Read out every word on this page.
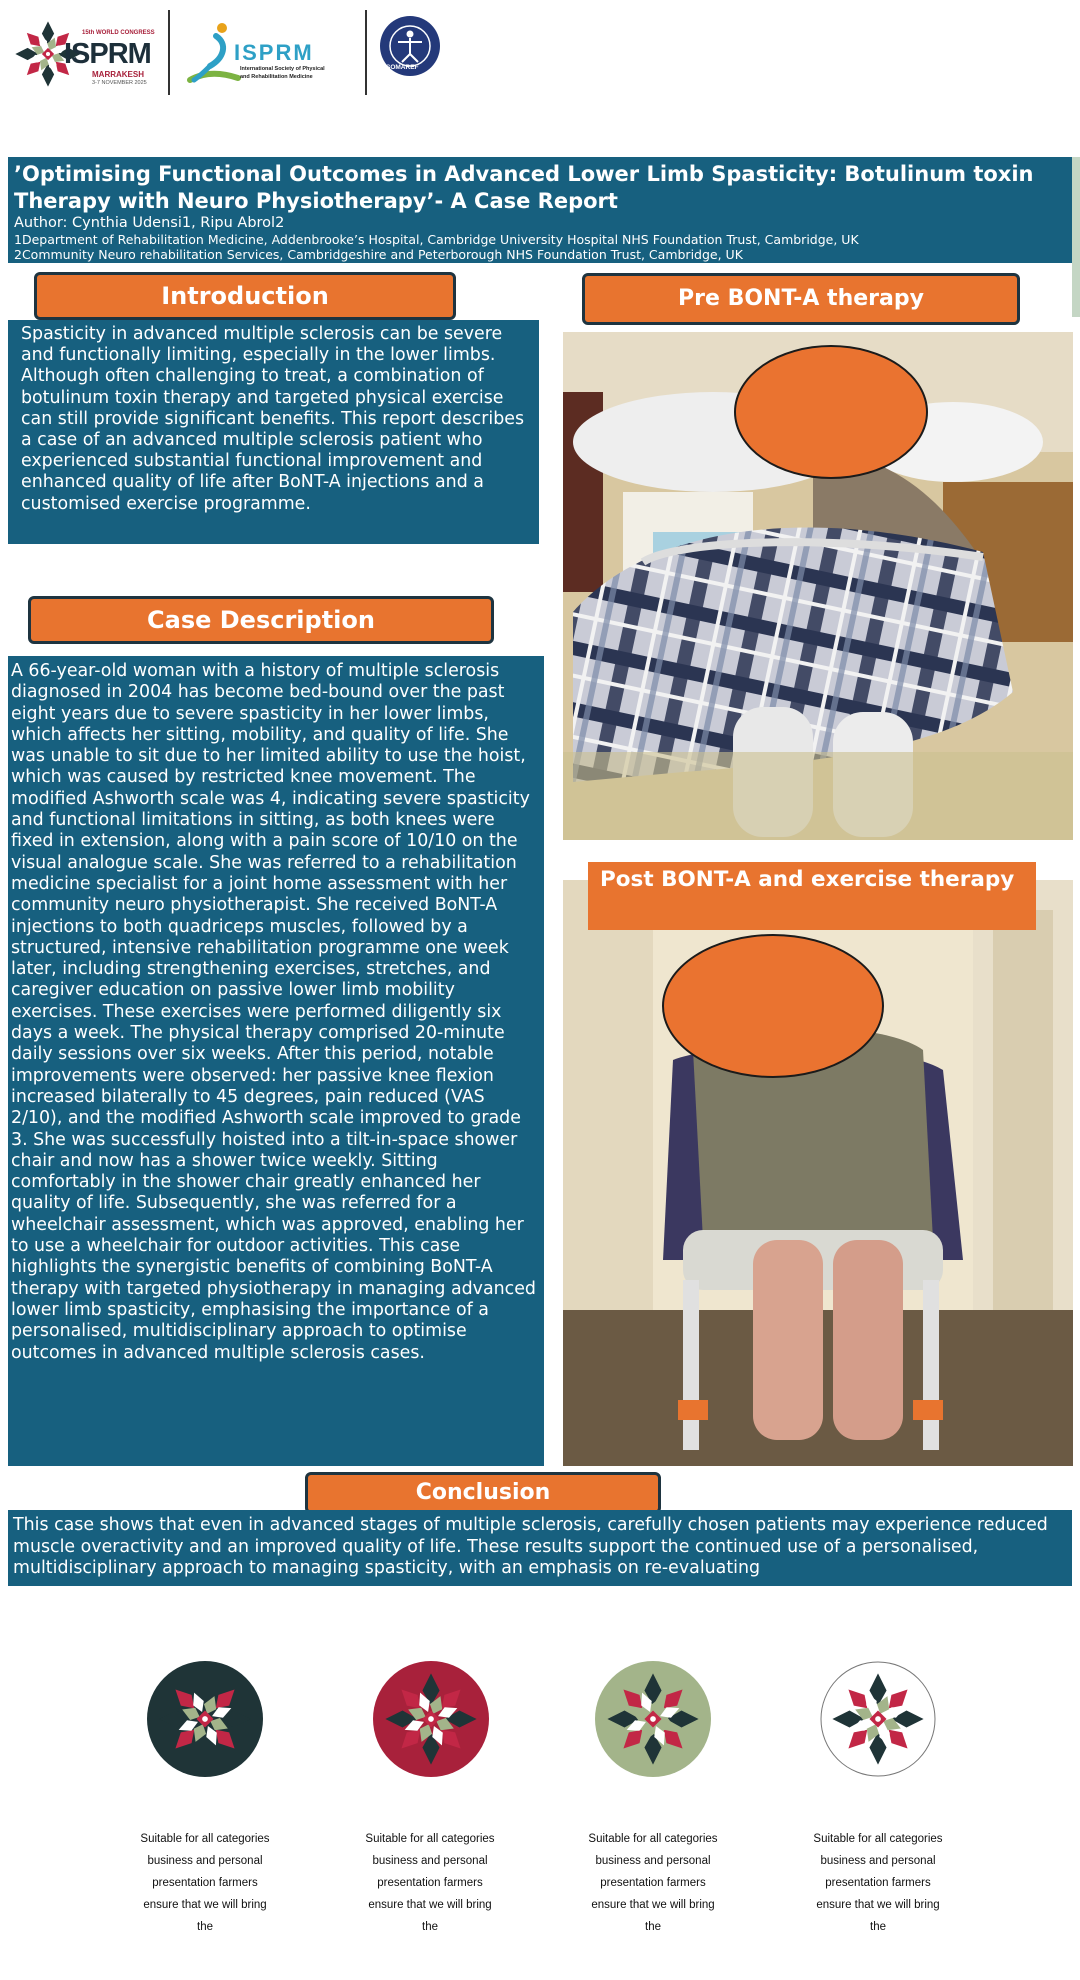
15th WORLD CONGRESS
ISPRM
MARRAKESH
3-7 NOVEMBER 2025
ISPRM
International Society of Physical
and Rehabilitation Medicine
SOMAREF

’Optimising Functional Outcomes in Advanced Lower Limb Spasticity: Botulinum toxin Therapy with Neuro Physiotherapy’- A Case Report

Author: Cynthia Udensi1, Ripu Abrol2
1Department of Rehabilitation Medicine, Addenbrooke’s Hospital, Cambridge University Hospital NHS Foundation Trust, Cambridge, UK
2Community Neuro rehabilitation Services, Cambridgeshire and Peterborough NHS Foundation Trust, Cambridge, UK
Introduction
Spasticity in advanced multiple sclerosis can be severe and functionally limiting, especially in the lower limbs. Although often challenging to treat, a combination of botulinum toxin therapy and targeted physical exercise can still provide significant benefits. This report describes a case of an advanced multiple sclerosis patient who experienced substantial functional improvement and enhanced quality of life after BoNT-A injections and a customised exercise programme.
Pre BONT-A therapy
Case Description
A 66-year-old woman with a history of multiple sclerosis diagnosed in 2004 has become bed-bound over the past eight years due to severe spasticity in her lower limbs, which affects her sitting, mobility, and quality of life. She was unable to sit due to her limited ability to use the hoist, which was caused by restricted knee movement. The modified Ashworth scale was 4, indicating severe spasticity and functional limitations in sitting, as both knees were fixed in extension, along with a pain score of 10/10 on the visual analogue scale. She was referred to a rehabilitation medicine specialist for a joint home assessment with her community neuro physiotherapist. She received BoNT-A injections to both quadriceps muscles, followed by a structured, intensive rehabilitation programme one week later, including strengthening exercises, stretches, and caregiver education on passive lower limb mobility exercises. These exercises were performed diligently six days a week. The physical therapy comprised 20-minute daily sessions over six weeks. After this period, notable improvements were observed: her passive knee flexion increased bilaterally to 45 degrees, pain reduced (VAS 2/10), and the modified Ashworth scale improved to grade 3. She was successfully hoisted into a tilt-in-space shower chair and now has a shower twice weekly. Sitting comfortably in the shower chair greatly enhanced her quality of life. Subsequently, she was referred for a wheelchair assessment, which was approved, enabling her to use a wheelchair for outdoor activities. This case highlights the synergistic benefits of combining BoNT-A therapy with targeted physiotherapy in managing advanced lower limb spasticity, emphasising the importance of a personalised, multidisciplinary approach to optimise outcomes in advanced multiple sclerosis cases.
Post BONT-A and exercise therapy
Conclusion
This case shows that even in advanced stages of multiple sclerosis, carefully chosen patients may experience reduced muscle overactivity and an improved quality of life. These results support the continued use of a personalised, multidisciplinary approach to managing spasticity, with an emphasis on re-evaluating
Suitable for all categories
business and personal
presentation farmers
ensure that we will bring
the
Suitable for all categories
business and personal
presentation farmers
ensure that we will bring
the
Suitable for all categories
business and personal
presentation farmers
ensure that we will bring
the
Suitable for all categories
business and personal
presentation farmers
ensure that we will bring
the
